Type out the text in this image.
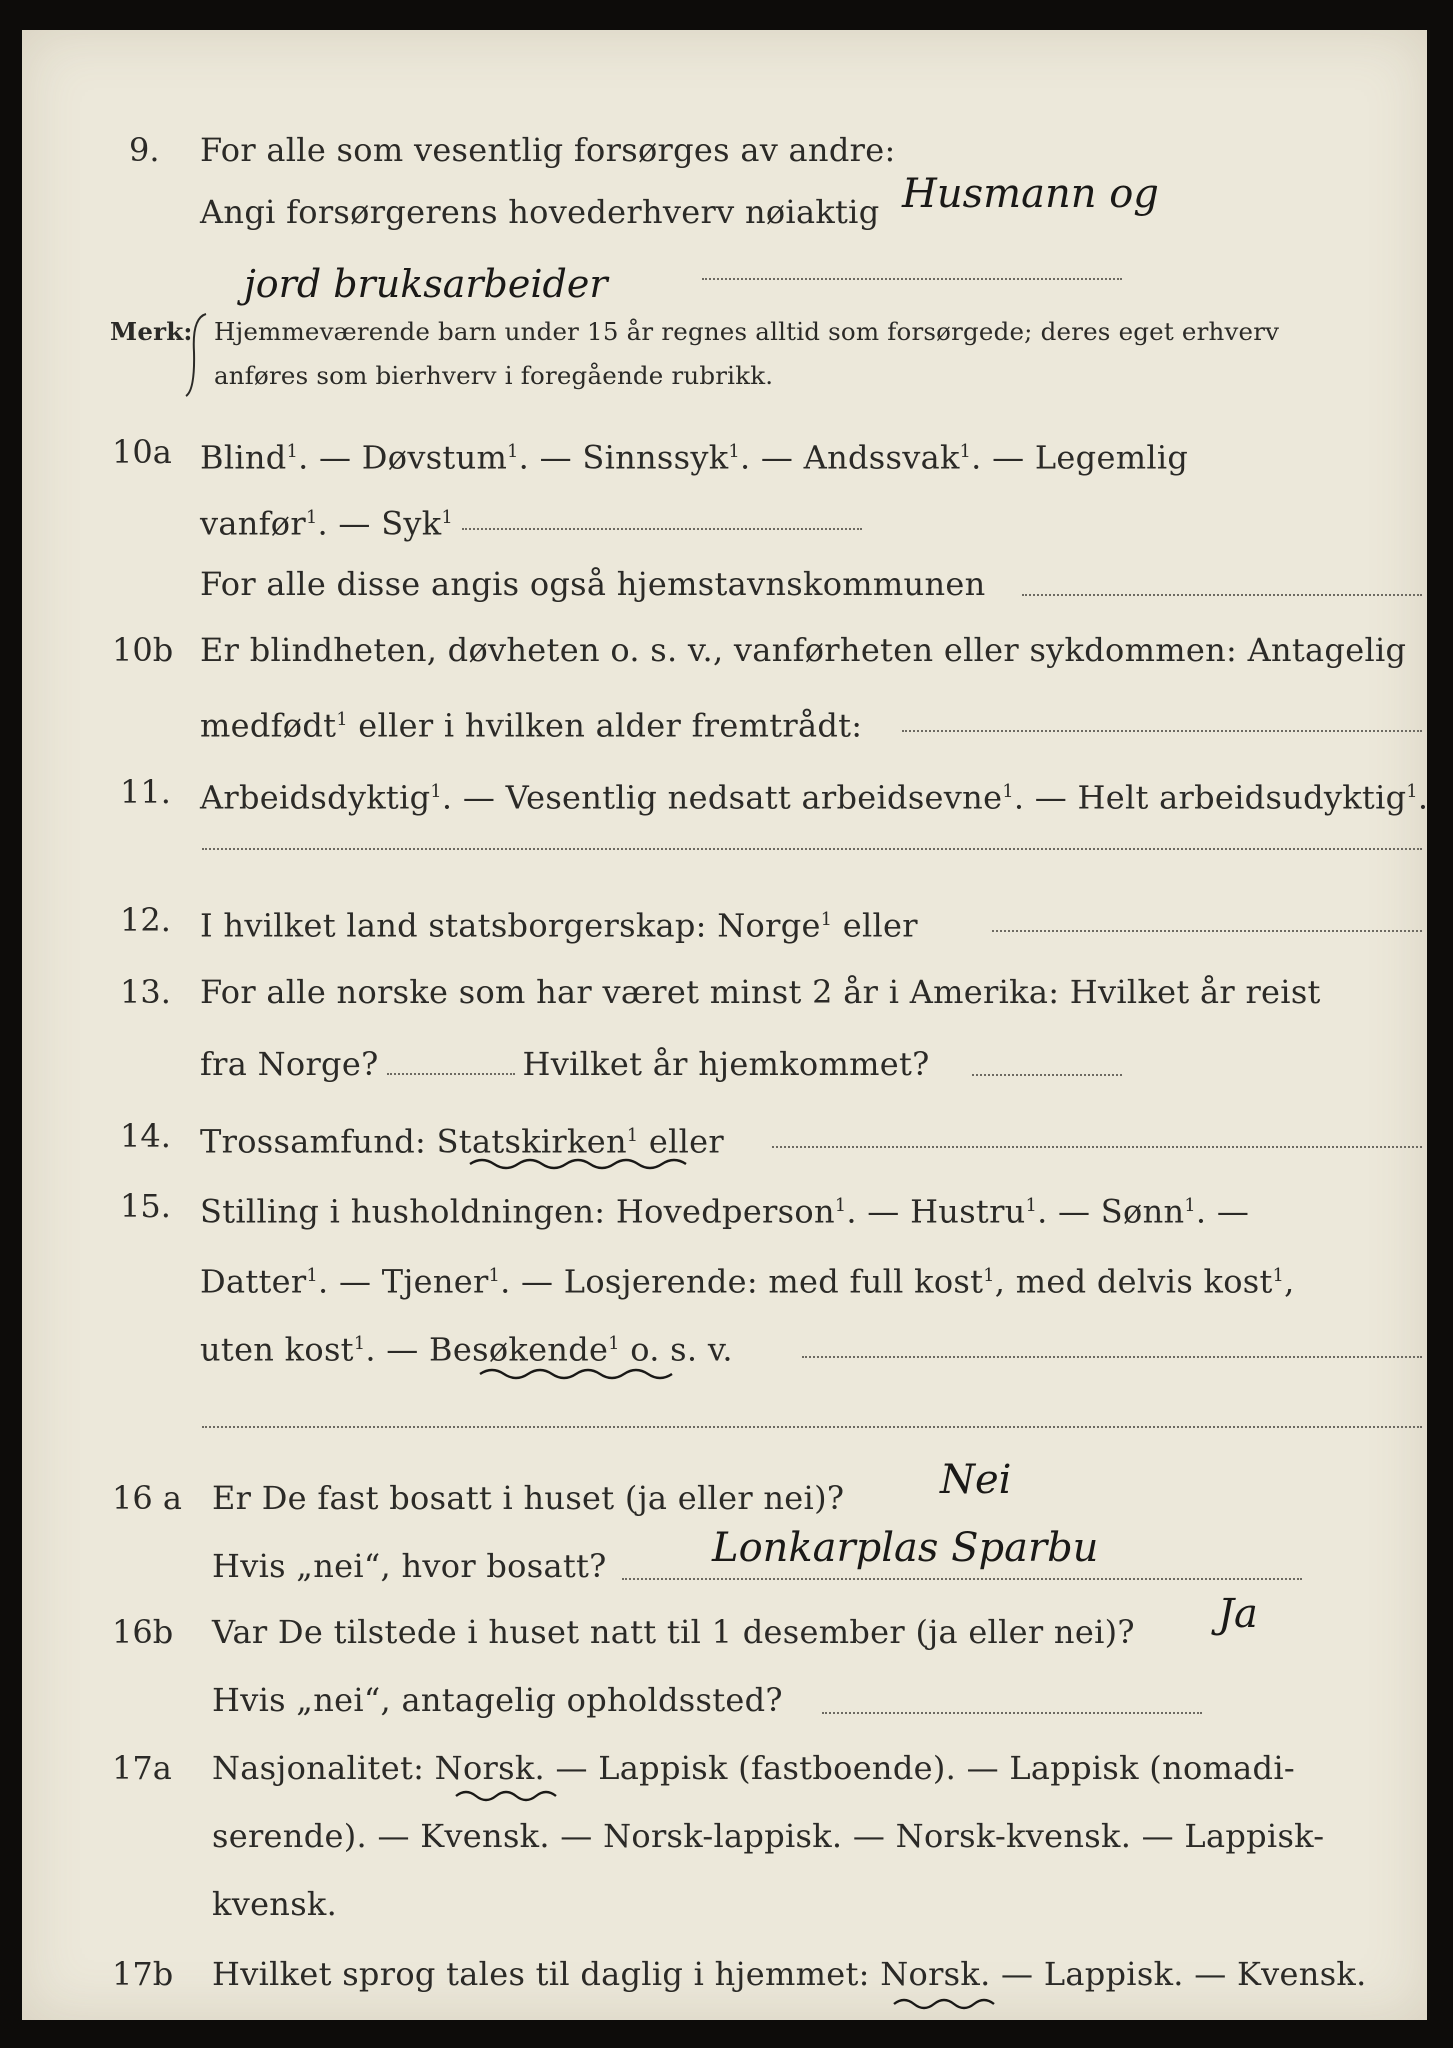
9. For alle som vesentlig forsørges av andre:
Angi forsørgerens hovederhverv nøiaktig Husmann og
jord bruksarbeider
Merk: Hjemmeværende barn under 15 år regnes alltid som forsørgede; deres eget erhverv
anføres som bierhverv i foregående rubrikk.
10a Blind$^1$. — Døvstum$^1$. — Sinnssyk$^1$. — Andssvak$^1$. — Legemlig
vanfør$^1$. — Syk$^1$
For alle disse angis også hjemstavnskommunen
10b Er blindheten, døvheten o. s. v., vanførheten eller sykdommen: Antagelig
medfødt$^1$ eller i hvilken alder fremtrådt:
11. Arbeidsdyktig$^1$. — Vesentlig nedsatt arbeidsevne$^1$. — Helt arbeidsudyktig$^1$.
12. I hvilket land statsborgerskap: Norge$^1$ eller
13. For alle norske som har været minst 2 år i Amerika: Hvilket år reist
fra Norge?	Hvilket år hjemkommet?
14. Trossamfund: Statskirken$^1$ eller
15. Stilling i husholdningen: Hovedperson$^1$. — Hustru$^1$. — Sønn$^1$. —
Datter$^1$. — Tjener$^1$. — Losjerende: med full kost$^1$, med delvis kost$^1$,
uten kost$^1$. — Besøkende$^1$ o. s. v.
16 a Er De fast bosatt i huset (ja eller nei)? Nei
Hvis „nei“, hvor bosatt?	Lonkarplas Sparbu
16b Var De tilstede i huset natt til 1 desember (ja eller nei)? Ja
Hvis „nei“, antagelig opholdssted?
17a Nasjonalitet: Norsk. — Lappisk (fastboende). — Lappisk (nomadi-
serende). — Kvensk. — Norsk-lappisk. — Norsk-kvensk. — Lappisk-
kvensk.
17b Hvilket sprog tales til daglig i hjemmet: Norsk. — Lappisk. — Kvensk.
